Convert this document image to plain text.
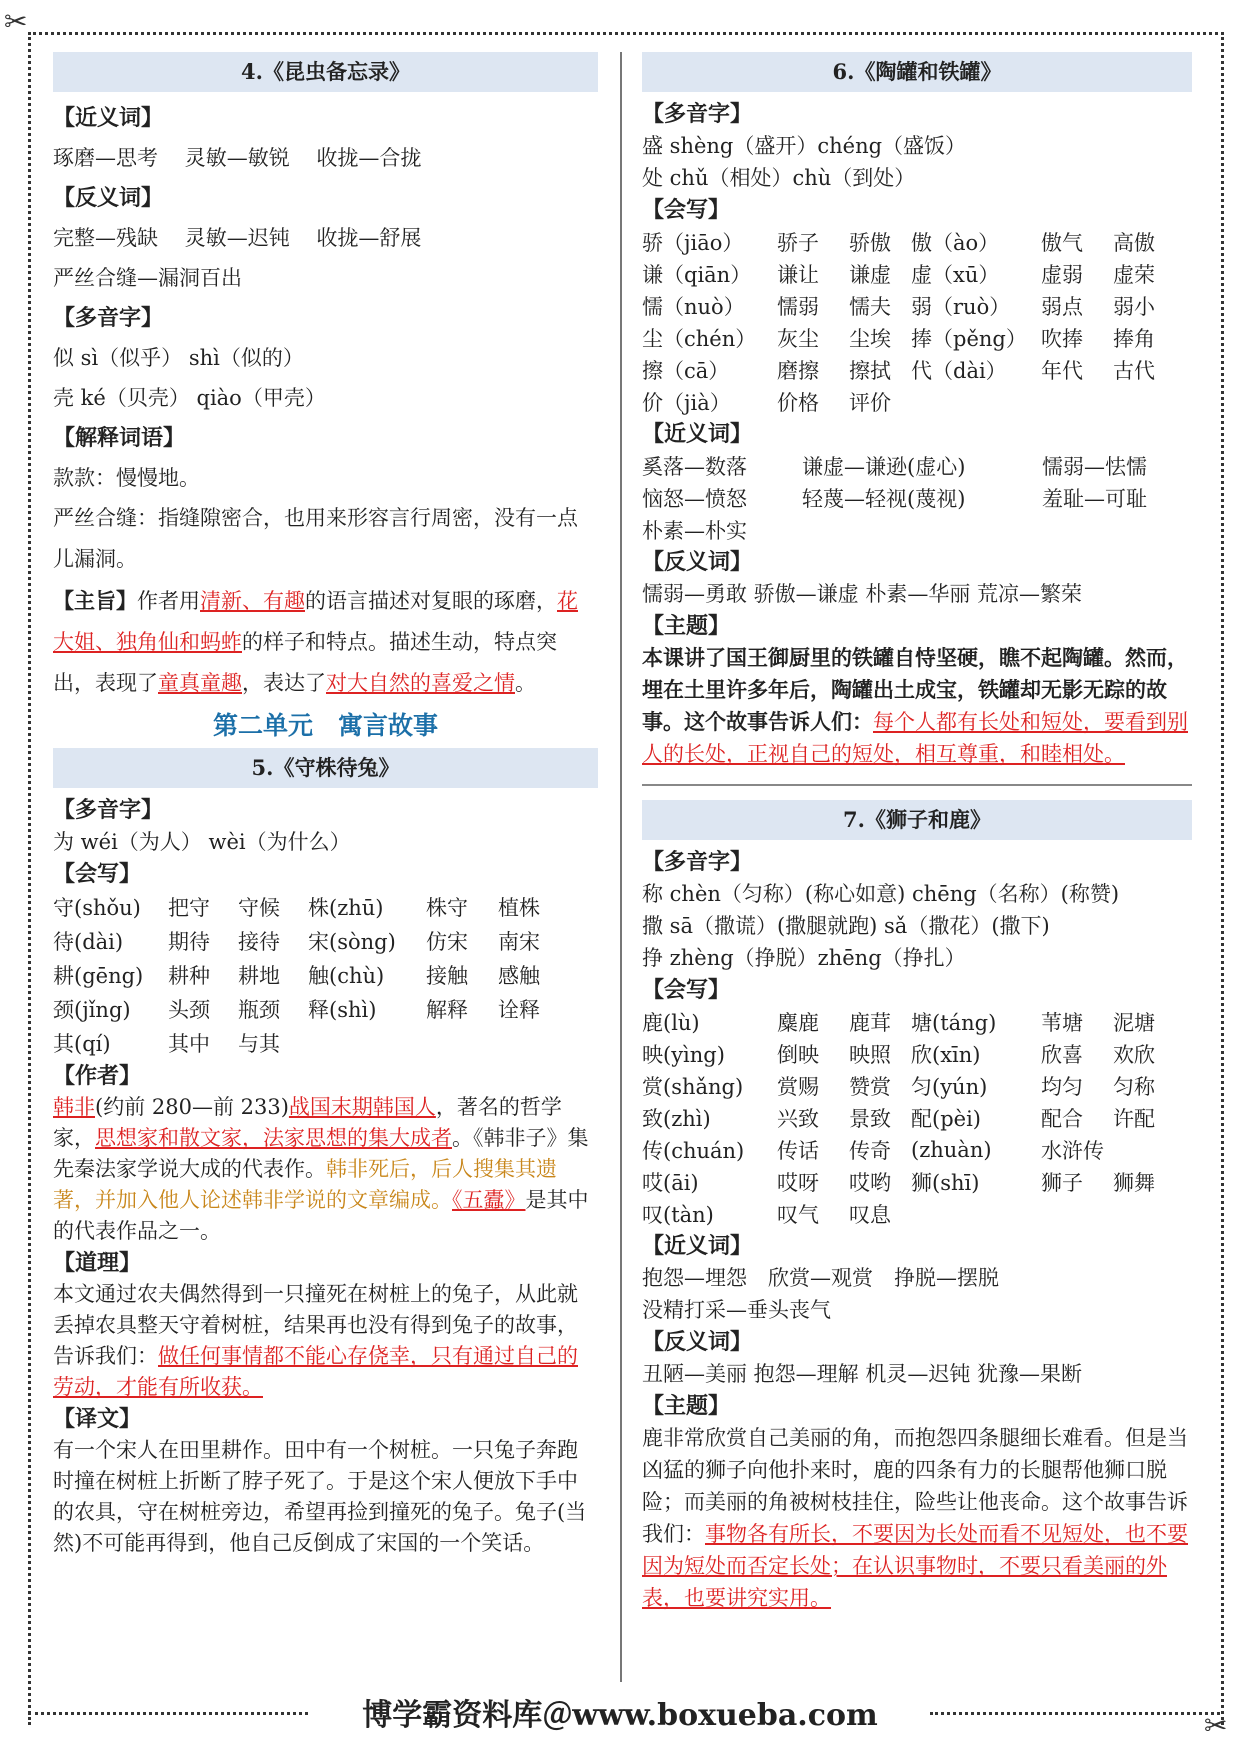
✂
✂
4.《昆虫备忘录》
【近义词】
琢磨—思考 灵敏—敏锐 收拢—合拢
【反义词】
完整—残缺 灵敏—迟钝 收拢—舒展
严丝合缝—漏洞百出
【多音字】
似 sì（似乎） shì（似的）
壳 ké（贝壳） qiào（甲壳）
【解释词语】
款款：慢慢地。
严丝合缝：指缝隙密合，也用来形容言行周密，没有一点儿漏洞。
【主旨】作者用清新、有趣的语言描述对复眼的琢磨，花大姐、独角仙和蚂蚱的样子和特点。描述生动，特点突出，表现了童真童趣，表达了对大自然的喜爱之情。
第二单元　寓言故事
5.《守株待兔》
【多音字】
为 wéi（为人） wèi（为什么）
【会写】
守(shǒu)	把守	守候	株(zhū)	株守	植株
待(dài)	期待	接待	宋(sòng)	仿宋	南宋
耕(gēng)	耕种	耕地	触(chù)	接触	感触
颈(jǐng)	头颈	瓶颈	释(shì)	解释	诠释
其(qí)	其中	与其			
【作者】
韩非(约前 280—前 233)战国末期韩国人，著名的哲学家，思想家和散文家，法家思想的集大成者。《韩非子》集先秦法家学说大成的代表作。韩非死后，后人搜集其遗著，并加入他人论述韩非学说的文章编成。《五蠹》是其中的代表作品之一。
【道理】
本文通过农夫偶然得到一只撞死在树桩上的兔子，从此就丢掉农具整天守着树桩，结果再也没有得到兔子的故事，告诉我们：做任何事情都不能心存侥幸，只有通过自己的劳动，才能有所收获。
【译文】
有一个宋人在田里耕作。田中有一个树桩。一只兔子奔跑时撞在树桩上折断了脖子死了。于是这个宋人便放下手中的农具，守在树桩旁边，希望再捡到撞死的兔子。兔子(当然)不可能再得到，他自己反倒成了宋国的一个笑话。
6.《陶罐和铁罐》
【多音字】
盛 shèng（盛开）chéng（盛饭）
处 chǔ（相处）chù（到处）
【会写】
骄（jiāo）	骄子	骄傲	傲（ào）	傲气	高傲
谦（qiān）	谦让	谦虚	虚（xū）	虚弱	虚荣
懦（nuò）	懦弱	懦夫	弱（ruò）	弱点	弱小
尘（chén）	灰尘	尘埃	捧（pěng）	吹捧	捧角
擦（cā）	磨擦	擦拭	代（dài）	年代	古代
价（jià）	价格	评价			
【近义词】
奚落—数落	谦虚—谦逊(虚心)	懦弱—怯懦
恼怒—愤怒	轻蔑—轻视(蔑视)	羞耻—可耻
朴素—朴实		
【反义词】
懦弱—勇敢 骄傲—谦虚 朴素—华丽 荒凉—繁荣
【主题】
本课讲了国王御厨里的铁罐自恃坚硬，瞧不起陶罐。然而，埋在土里许多年后，陶罐出土成宝，铁罐却无影无踪的故事。这个故事告诉人们：每个人都有长处和短处，要看到别人的长处，正视自己的短处，相互尊重，和睦相处。
7.《狮子和鹿》
【多音字】
称 chèn（匀称）(称心如意) chēng（名称）(称赞)
撒 sā（撒谎）(撒腿就跑) sǎ（撒花）(撒下)
挣 zhèng（挣脱）zhēng（挣扎）
【会写】
鹿(lù)	麋鹿	鹿茸	塘(táng)	苇塘	泥塘
映(yìng)	倒映	映照	欣(xīn)	欣喜	欢欣
赏(shǎng)	赏赐	赞赏	匀(yún)	均匀	匀称
致(zhì)	兴致	景致	配(pèi)	配合	许配
传(chuán)	传话	传奇	(zhuàn)	水浒传	
哎(āi)	哎呀	哎哟	狮(shī)	狮子	狮舞
叹(tàn)	叹气	叹息			
【近义词】
抱怨—埋怨　欣赏—观赏　挣脱—摆脱
没精打采—垂头丧气
【反义词】
丑陋—美丽 抱怨—理解 机灵—迟钝 犹豫—果断
【主题】
鹿非常欣赏自己美丽的角，而抱怨四条腿细长难看。但是当凶猛的狮子向他扑来时，鹿的四条有力的长腿帮他狮口脱险；而美丽的角被树枝挂住，险些让他丧命。这个故事告诉我们：事物各有所长，不要因为长处而看不见短处，也不要因为短处而否定长处；在认识事物时，不要只看美丽的外表，也要讲究实用。
博学霸资料库＠www.boxueba.com
